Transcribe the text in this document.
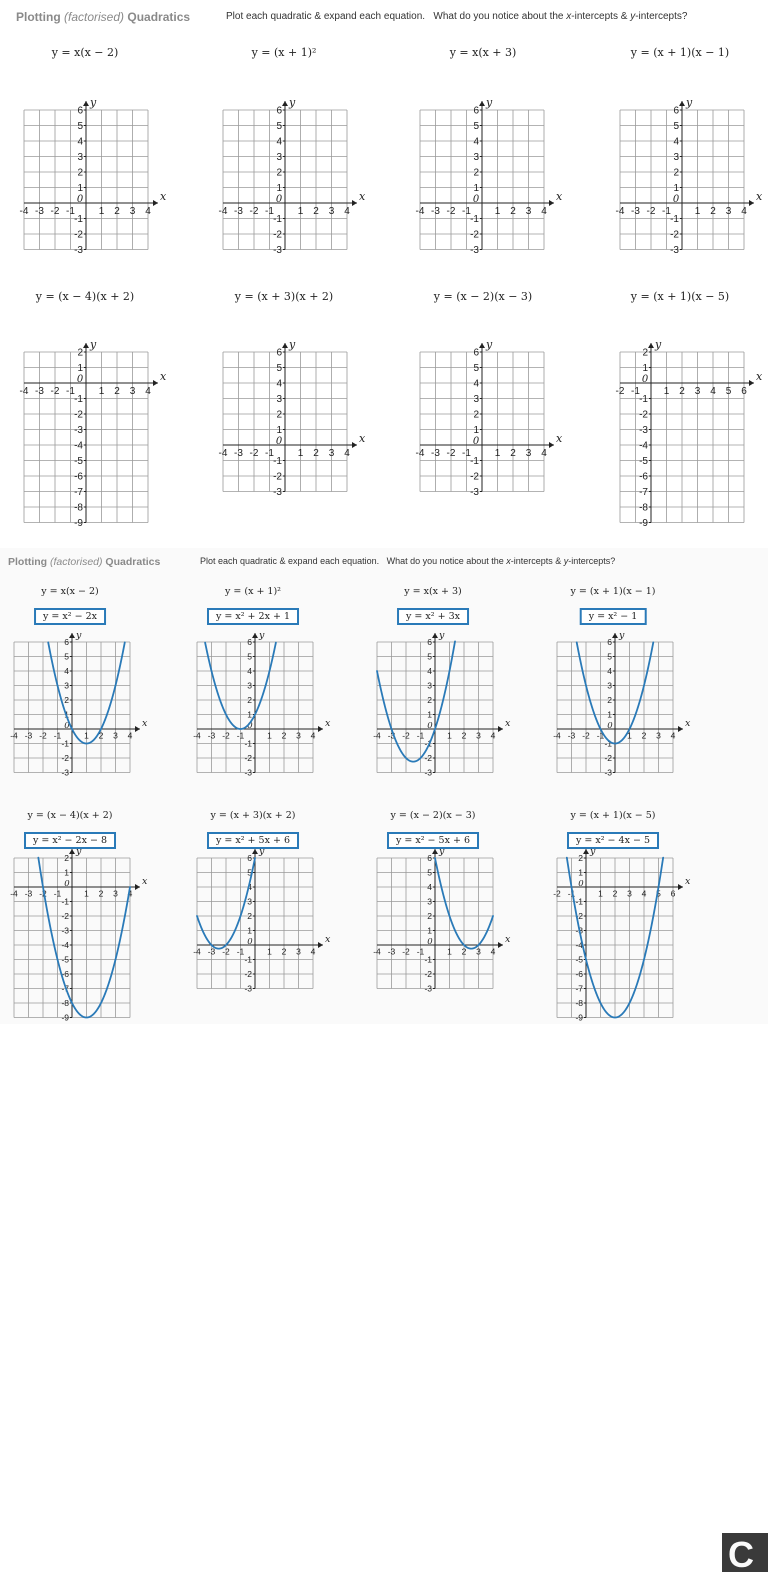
Plotting (factorised) Quadratics	Plot each quadratic & expand each equation. What do you notice about the x-intercepts & y-intercepts?
y = x(x − 2)
x
y
0
-4 -3 -2 -1 1 2 3 4
-3
-2
-1
1
2
3
4
5
6
y = (x + 1)²
x
y
0
-4 -3 -2 -1 1 2 3 4
-3
-2
-1
1
2
3
4
5
6
y = x(x + 3)
x
y
0
-4 -3 -2 -1 1 2 3 4
-3
-2
-1
1
2
3
4
5
6
y = (x + 1)(x − 1)
x
y
0
-4 -3 -2 -1 1 2 3 4
-3
-2
-1
1
2
3
4
5
6
y = (x − 4)(x + 2)
x
y
0
-4 -3 -2 -1 1 2 3 4
-9
-8
-7
-6
-5
-4
-3
-2
-1
1
2
y = (x + 3)(x + 2)
x
y
0
-4 -3 -2 -1 1 2 3 4
-3
-2
-1
1
2
3
4
5
6
y = (x − 2)(x − 3)
x
y
0
-4 -3 -2 -1 1 2 3 4
-3
-2
-1
1
2
3
4
5
6
y = (x + 1)(x − 5)
x
y
0
-2 -1 1 2 3 4 5 6
-9
-8
-7
-6
-5
-4
-3
-2
-1
1
2
Plotting (factorised) Quadratics	Plot each quadratic & expand each equation. What do you notice about the x-intercepts & y-intercepts?
C
y = x(x − 2)
y = x² − 2x
x
y
0
-4 -3 -2 -1	1 2 3 4
-3
-2
-1
1
2
3
4
5
6
y = (x + 1)²
y = x² + 2x + 1
x
y
0
-4 -3 -2 -1	1 2 3 4
-3
-2
-1
1
2
3
4
5
6
y = x(x + 3)
y = x² + 3x
x
y
0
-4 -3 -2 -1	1 2 3 4
-3
-2
-1
1
2
3
4
5
6
y = (x + 1)(x − 1)
y = x² − 1
x
y
0
-4 -3 -2 -1	1 2 3 4
-3
-2
-1
1
2
3
4
5
6
y = (x − 4)(x + 2)
y = x² − 2x − 8
x
y
0
-4 -3 -2 -1	1 2 3 4
-9
-8
-7
-6
-5
-4
-3
-2
-1
1
2
y = (x + 3)(x + 2)
y = x² + 5x + 6
x
y
0
-4 -3 -2 -1	1 2 3 4
-3
-2
-1
1
2
3
4
5
6
y = (x − 2)(x − 3)
y = x² − 5x + 6
x
y
0
-4 -3 -2 -1	1 2 3 4
-3
-2
-1
1
2
3
4
5
6
y = (x + 1)(x − 5)
y = x² − 4x − 5
x
y
0
-2 -1	1 2 3 4 5 6
-9
-8
-7
-6
-5
-4
-3
-2
-1
1
2
